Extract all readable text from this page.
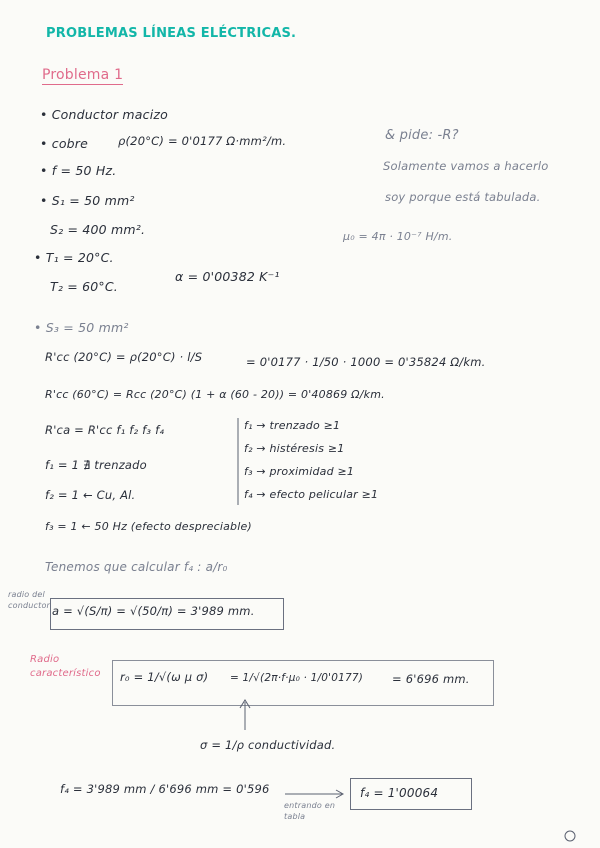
PROBLEMAS LÍNEAS ELÉCTRICAS.
Problema 1
• Conductor macizo
• cobre	ρ(20°C) = 0'0177 Ω·mm²/m.
• f = 50 Hz.
• S₁ = 50 mm²
S₂ = 400 mm².
• T₁ = 20°C.
T₂ = 60°C.
α = 0'00382 K⁻¹
& pide: -R?
Solamente vamos a hacerlo
soy porque está tabulada.
μ₀ = 4π · 10⁻⁷ H/m.
• S₃ = 50 mm²
R'cc (20°C) = ρ(20°C) · l/S	= 0'0177 · 1/50 · 1000 = 0'35824 Ω/km.
R'cc (60°C) = Rcc (20°C) (1 + α (60 - 20)) = 0'40869 Ω/km.
R'ca = R'cc f₁ f₂ f₃ f₄	f₁ → trenzado ≥1
f₂ → histéresis ≥1
f₃ → proximidad ≥1
f₄ → efecto pelicular ≥1
f₁ = 1 ∄ trenzado
f₂ = 1 ← Cu, Al.
f₃ = 1 ← 50 Hz (efecto despreciable)
Tenemos que calcular f₄ : a/r₀
radio del conductor a = √(S/π) = √(50/π) = 3'989 mm.
Radio característico r₀ = 1/√(ω μ σ) = 1/√(2π·f·μ₀ · 1/0'0177)	= 6'696 mm.
σ = 1/ρ conductividad.
f₄ = 3'989 mm / 6'696 mm = 0'596
entrando en tabla
f₄ = 1'00064
